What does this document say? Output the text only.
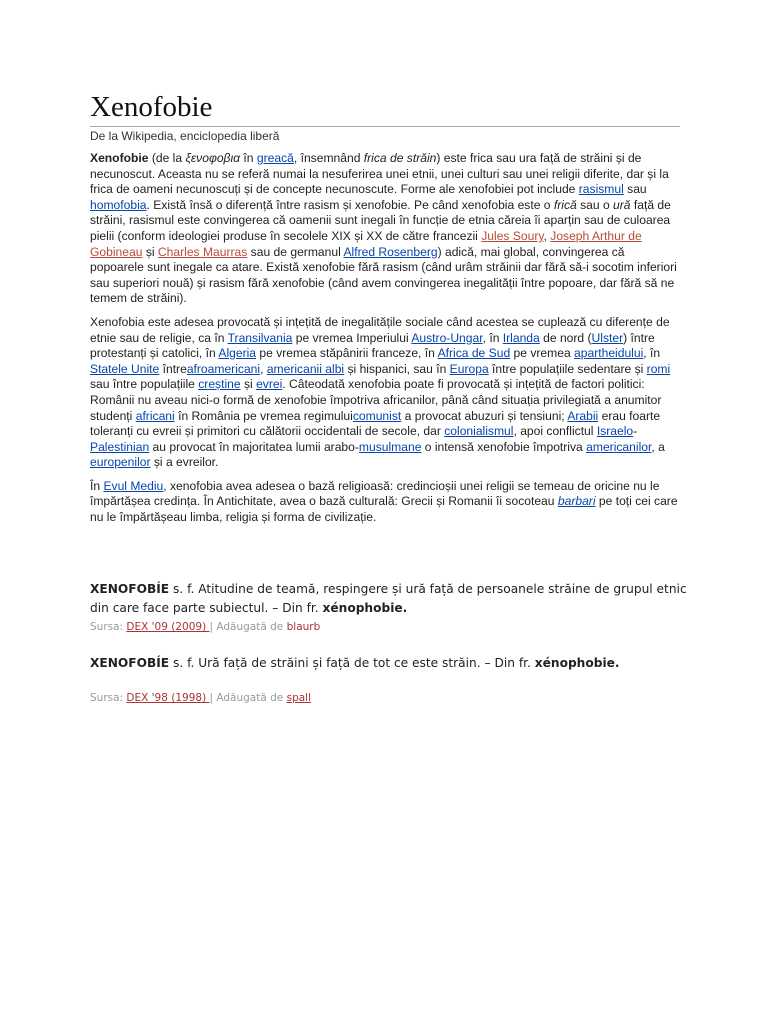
Xenofobie
De la Wikipedia, enciclopedia liberă

Xenofobie (de la ξενοφοβια în greacă, însemnând frica de străin) este frica sau ura față de străini și de necunoscut. Aceasta nu se referă numai la nesuferirea unei etnii, unei culturi sau unei religii diferite, dar și la frica de oameni necunoscuți și de concepte necunoscute. Forme ale xenofobiei pot include rasismul sau homofobia. Există însă o diferență între rasism și xenofobie. Pe când xenofobia este o frică sau o ură față de străini, rasismul este convingerea că oamenii sunt inegali în funcție de etnia căreia îi aparțin sau de culoarea pielii (conform ideologiei produse în secolele XIX și XX de către francezii Jules Soury, Joseph Arthur de Gobineau și Charles Maurras sau de germanul Alfred Rosenberg) adică, mai global, convingerea că popoarele sunt inegale ca atare. Există xenofobie fără rasism (când urâm străinii dar fără să-i socotim inferiori sau superiori nouă) și rasism fără xenofobie (când avem convingerea inegalității între popoare, dar fără să ne temem de străini).

Xenofobia este adesea provocată și ințețită de inegalitățile sociale când acestea se cuplează cu diferențe de etnie sau de religie, ca în Transilvania pe vremea Imperiului Austro-Ungar, în Irlanda de nord (Ulster) între protestanți și catolici, în Algeria pe vremea stăpânirii franceze, în Africa de Sud pe vremea apartheidului, în Statele Unite întreafroamericani, americanii albi și hispanici, sau în Europa între populațiile sedentare și romi sau între populațiile creștine și evrei. Câteodată xenofobia poate fi provocată și ințețită de factori politici: Românii nu aveau nici-o formă de xenofobie împotriva africanilor, până când situația privilegiată a anumitor studenți africani în România pe vremea regimuluicomunist a provocat abuzuri și tensiuni; Arabii erau foarte toleranți cu evreii și primitori cu călătorii occidentali de secole, dar colonialismul, apoi conflictul Israelo-Palestinian au provocat în majoritatea lumii arabo-musulmane o intensă xenofobie împotriva americanilor, a europenilor și a evreilor.

În Evul Mediu, xenofobia avea adesea o bază religioasă: credincioșii unei religii se temeau de oricine nu le împărtășea credința. În Antichitate, avea o bază culturală: Grecii și Romanii îi socoteau barbari pe toți cei care nu le împărtășeau limba, religia și forma de civilizație.

XENOFOBÍE s. f. Atitudine de teamă, respingere și ură față de persoanele străine de grupul etnic din care face parte subiectul. – Din fr. xénophobie.
Sursa: DEX '09 (2009) | Adăugată de blaurb
XENOFOBÍE s. f. Ură față de străini și față de tot ce este străin. – Din fr. xénophobie.
Sursa: DEX '98 (1998) | Adăugată de spall
